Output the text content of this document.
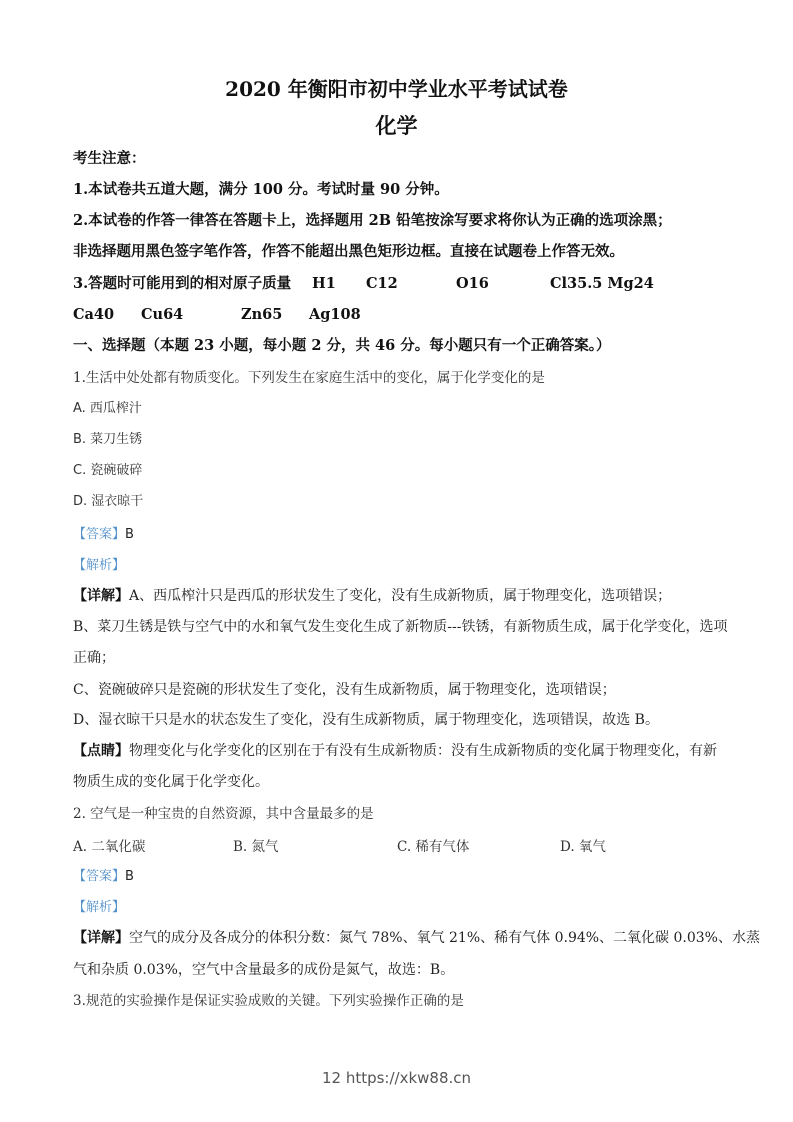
2020 年衡阳市初中学业水平考试试卷
化学
考生注意：
1.本试卷共五道大题，满分 100 分。考试时量 90 分钟。
2.本试卷的作答一律答在答题卡上，选择题用 2B 铅笔按涂写要求将你认为正确的选项涂黑；
非选择题用黑色签字笔作答，作答不能超出黑色矩形边框。直接在试题卷上作答无效。
3.答题时可能用到的相对原子质量 H1 C12	O16	Cl35.5 Mg24
Ca40 Cu64	Zn65 Ag108
一、选择题（本题 23 小题，每小题 2 分，共 46 分。每小题只有一个正确答案。）
1.生活中处处都有物质变化。下列发生在家庭生活中的变化，属于化学变化的是
A. 西瓜榨汁
B. 菜刀生锈
C. 瓷碗破碎
D. 湿衣晾干
【答案】B
【解析】
【详解】A、西瓜榨汁只是西瓜的形状发生了变化，没有生成新物质，属于物理变化，选项错误；
B、菜刀生锈是铁与空气中的水和氧气发生变化生成了新物质---铁锈，有新物质生成，属于化学变化，选项
正确；
C、瓷碗破碎只是瓷碗的形状发生了变化，没有生成新物质，属于物理变化，选项错误；
D、湿衣晾干只是水的状态发生了变化，没有生成新物质，属于物理变化，选项错误，故选 B。
【点睛】物理变化与化学变化的区别在于有没有生成新物质：没有生成新物质的变化属于物理变化，有新
物质生成的变化属于化学变化。
2. 空气是一种宝贵的自然资源，其中含量最多的是
A. 二氧化碳	B. 氮气	C. 稀有气体	D. 氧气
【答案】B
【解析】
【详解】空气的成分及各成分的体积分数：氮气 78%、氧气 21%、稀有气体 0.94%、二氧化碳 0.03%、水蒸
气和杂质 0.03%，空气中含量最多的成份是氮气，故选：B。
3.规范的实验操作是保证实验成败的关键。下列实验操作正确的是
12 https://xkw88.cn
